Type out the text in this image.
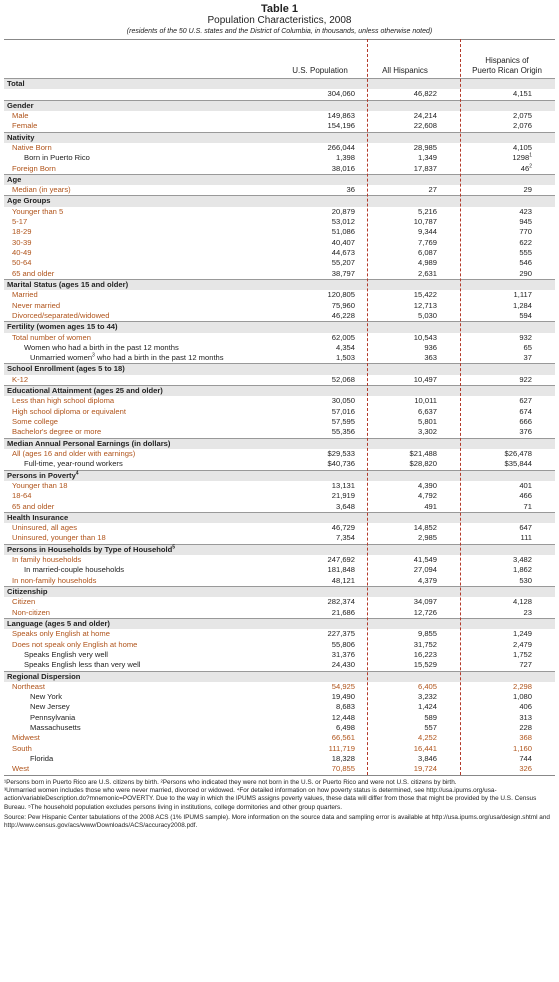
Table 1
Population Characteristics, 2008
(residents of the 50 U.S. states and the District of Columbia, in thousands, unless otherwise noted)
U.S. Population	All Hispanics
Hispanics of
Puerto Rican Origin
Total
304,060	46,822	4,151
Gender
Male	149,863	24,214	2,075
Female	154,196	22,608	2,076
Nativity
Native Born	266,044	28,985	4,105
Born in Puerto Rico	1,398	1,349	1298$^1$
Foreign Born	38,016	17,837	$46^2$
Age
Median (in years)	36	27	29
Age Groups
Younger than 5	20,879	5,216	423
5-17	53,012	10,787	945
18-29	51,086	9,344	770
30-39	40,407	7,769	622
40-49	44,673	6,087	555
50-64	55,207	4,989	546
65 and older	38,797	2,631	290
Marital Status (ages 15 and older)
Married	120,805	15,422	1,117
Never married	75,960	12,713	1,284
Divorced/separated/widowed	46,228	5,030	594
Fertility (women ages 15 to 44)
Total number of women	62,005	10,543	932
Women who had a birth in the past 12 months	4,354	936	65
Unmarried women$^3$ who had a birth in the past 12 months	1,503	363	37
School Enrollment (ages 5 to 18)
K-12	52,068	10,497	922
Educational Attainment (ages 25 and older)
Less than high school diploma	30,050	10,011	627
High school diploma or equivalent	57,016	6,637	674
Some college	57,595	5,801	666
Bachelor's degree or more	55,356	3,302	376
Median Annual Personal Earnings (in dollars)
All (ages 16 and older with earnings)	$29,533	$21,488	$26,478
Full-time, year-round workers	$40,736	$28,820	$35,844
Persons in Poverty$^4$
Younger than 18	13,131	4,390	401
18-64	21,919	4,792	466
65 and older	3,648	491	71
Health Insurance
Uninsured, all ages	46,729	14,852	647
Uninsured, younger than 18	7,354	2,985	111
Persons in Households by Type of Household$^5$
In family households	247,692	41,549	3,482
In married-couple households	181,848	27,094	1,862
In non-family households	48,121	4,379	530
Citizenship
Citizen	282,374	34,097	4,128
Non-citizen	21,686	12,726	23
Language (ages 5 and older)
Speaks only English at home	227,375	9,855	1,249
Does not speak only English at home	55,806	31,752	2,479
Speaks English very well	31,376	16,223	1,752
Speaks English less than very well	24,430	15,529	727
Regional Dispersion
Northeast	54,925	6,405	2,298
New York	19,490	3,232	1,080
New Jersey	8,683	1,424	406
Pennsylvania	12,448	589	313
Massachusetts	6,498	557	228
Midwest	66,561	4,252	368
South	111,719	16,441	1,160
Florida	18,328	3,846	744
West	70,855	19,724	326

¹Persons born in Puerto Rico are U.S. citizens by birth. ²Persons who indicated they were not born in the U.S. or Puerto Rico and were not U.S. citizens by birth.

³Unmarried women includes those who were never married, divorced or widowed. ⁴For detailed information on how poverty status is determined, see http://usa.ipums.org/usa-action/variableDescription.do?mnemonic=POVERTY. Due to the way in which the IPUMS assigns poverty values, these data will differ from those that might be provided by the U.S. Census Bureau. ⁵The household population excludes persons living in institutions, college dormitories and other group quarters.

Source: Pew Hispanic Center tabulations of the 2008 ACS (1% IPUMS sample). More information on the source data and sampling error is available at http://usa.ipums.org/usa/design.shtml and http://www.census.gov/acs/www/Downloads/ACS/accuracy2008.pdf.
